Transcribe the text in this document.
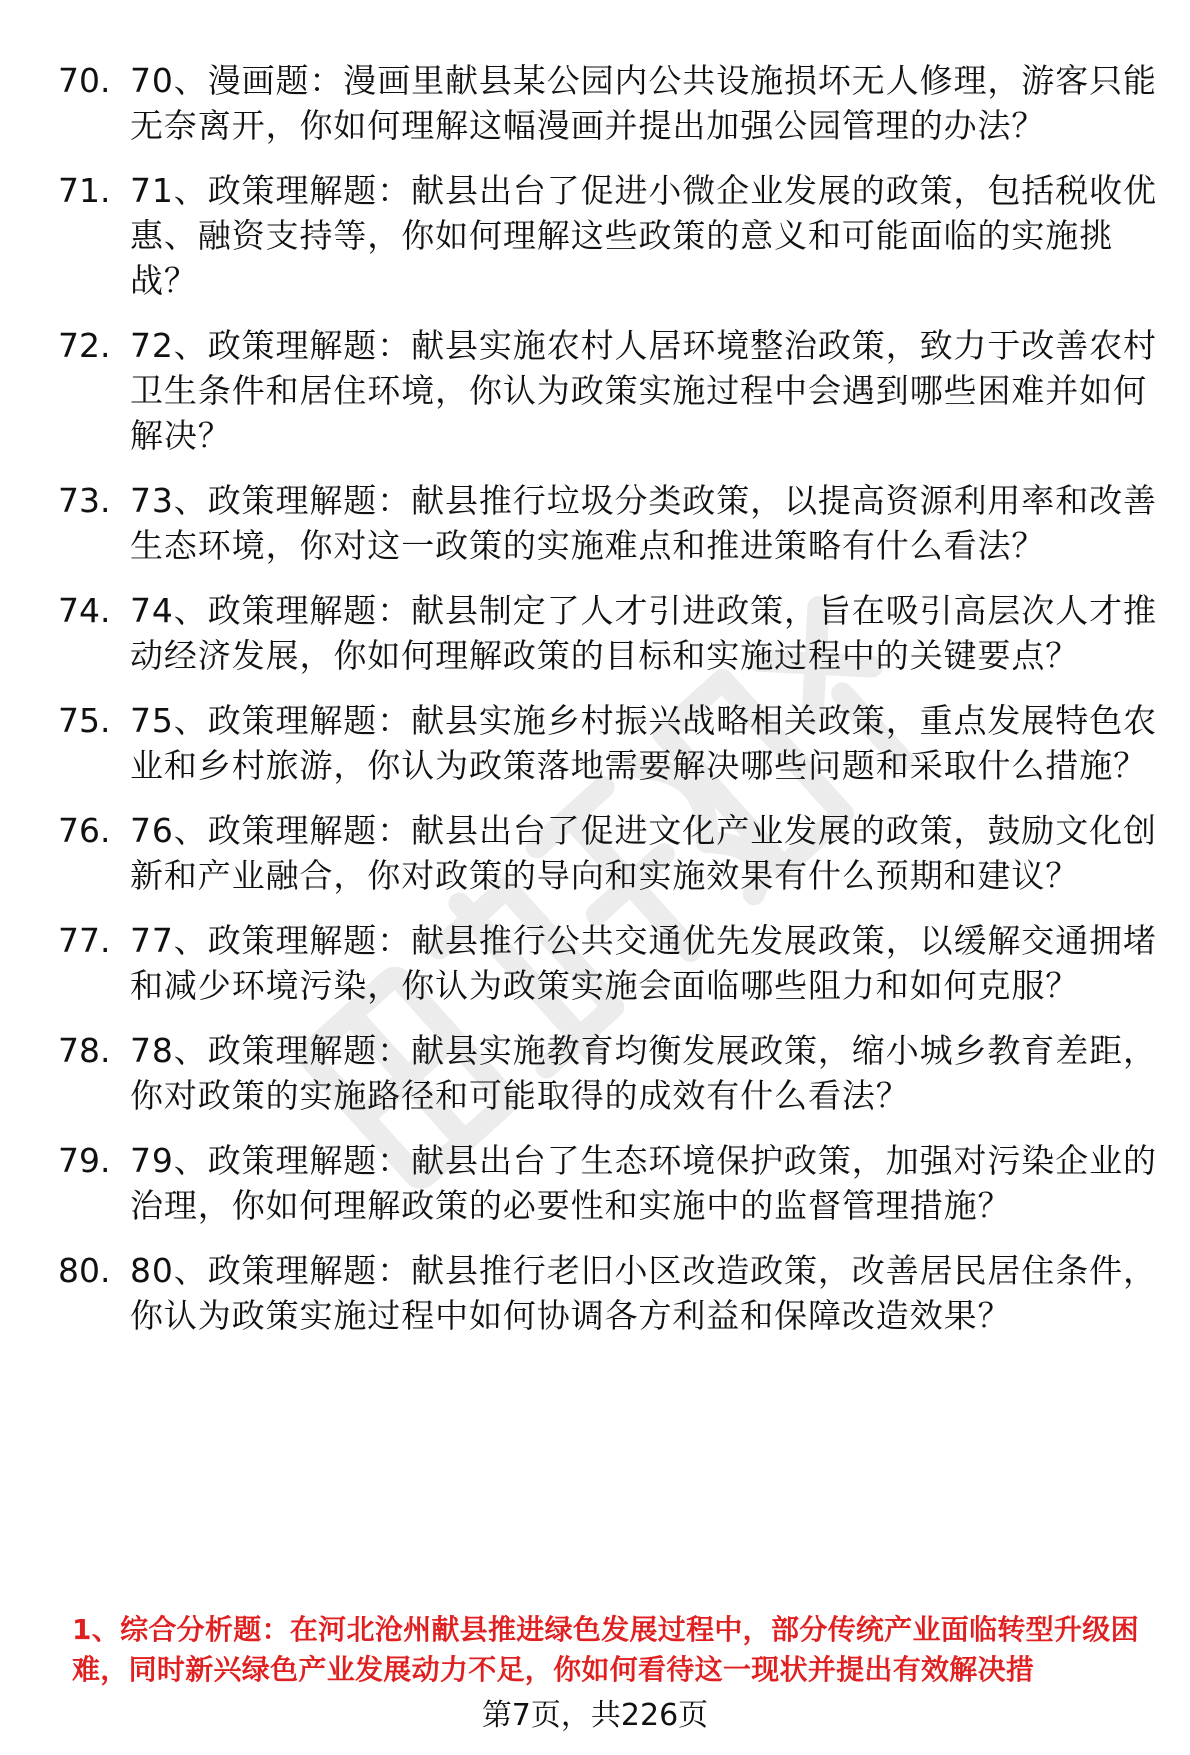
70. 70、漫画题：漫画里献县某公园内公共设施损坏无人修理，游客只能无奈离开，你如何理解这幅漫画并提出加强公园管理的办法？
71. 71、政策理解题：献县出台了促进小微企业发展的政策，包括税收优惠、融资支持等，你如何理解这些政策的意义和可能面临的实施挑战？
72. 72、政策理解题：献县实施农村人居环境整治政策，致力于改善农村卫生条件和居住环境，你认为政策实施过程中会遇到哪些困难并如何解决？
73. 73、政策理解题：献县推行垃圾分类政策，以提高资源利用率和改善生态环境，你对这一政策的实施难点和推进策略有什么看法？
74. 74、政策理解题：献县制定了人才引进政策，旨在吸引高层次人才推动经济发展，你如何理解政策的目标和实施过程中的关键要点？
75. 75、政策理解题：献县实施乡村振兴战略相关政策，重点发展特色农业和乡村旅游，你认为政策落地需要解决哪些问题和采取什么措施？
76. 76、政策理解题：献县出台了促进文化产业发展的政策，鼓励文化创新和产业融合，你对政策的导向和实施效果有什么预期和建议？
77. 77、政策理解题：献县推行公共交通优先发展政策，以缓解交通拥堵和减少环境污染，你认为政策实施会面临哪些阻力和如何克服？
78. 78、政策理解题：献县实施教育均衡发展政策，缩小城乡教育差距，你对政策的实施路径和可能取得的成效有什么看法？
79. 79、政策理解题：献县出台了生态环境保护政策，加强对污染企业的治理，你如何理解政策的必要性和实施中的监督管理措施？
80. 80、政策理解题：献县推行老旧小区改造政策，改善居民居住条件，你认为政策实施过程中如何协调各方利益和保障改造效果？
1、综合分析题：在河北沧州献县推进绿色发展过程中，部分传统产业面临转型升级困难，同时新兴绿色产业发展动力不足，你如何看待这一现状并提出有效解决措
第7页，共226页
